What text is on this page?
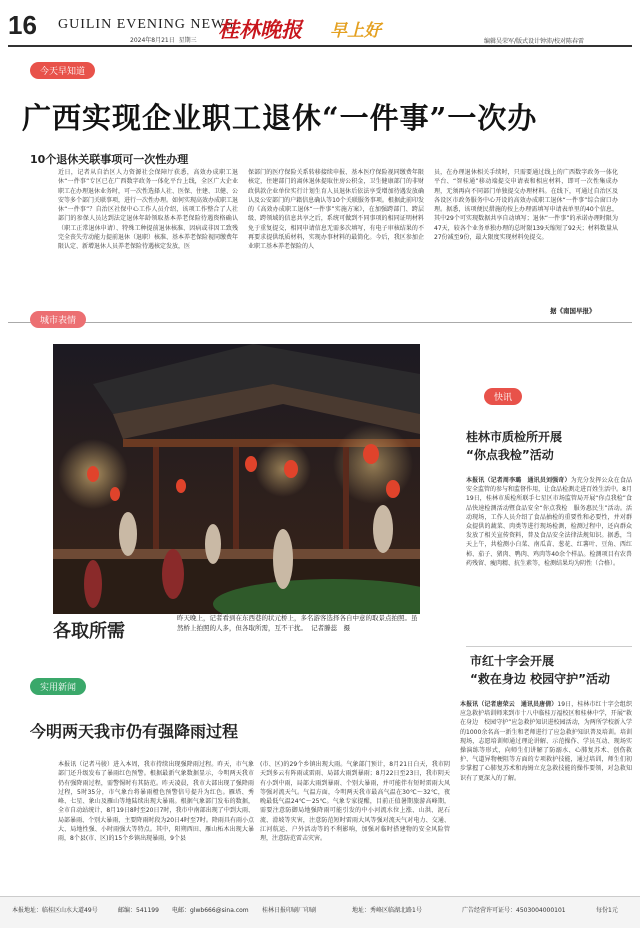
16 GUILIN EVENING NEWS
桂林晚报 早上好
2024年8月21日 星期三	编辑吴荣军/版式设计钟沛/校对陈春雷
今天早知道
广西实现企业职工退休“一件事”一次办
10个退休关联事项可一次性办理
近日，记者从自治区人力资源社会保障厅获悉，高效办成职工退休“一件事”专区已在广西数字政务一体化平台上线，全区广大企业职工在办理退休业务时，可一次性选择人社、医保、住建、卫健、公安等多个部门关联事项，进行一次性办理。如何实现高效办成职工退休“一件事”？自治区社保中心工作人员介绍，该项工作整合了人社部门的参保人员达到法定退休年龄领取基本养老保险待遇资格确认（职工正常退休申请）、特殊工种提前退休核准、因病或非因工致残完全丧失劳动能力提前退休（退职）核准、基本养老保险视同缴费年限认定、新增退休人员养老保险待遇核定发放，医
保部门的医疗保险关系转移接续申报、基本医疗保险视同缴费年限核定，住建部门的离休退休提取住房公积金，卫生健康部门的非财政供款企业单位实行计划生育人员退休后依法享受增加待遇发放确认及公安部门的户籍信息确认等10个关联服务事项。根据此前印发的《高效办成职工退休“一件事”实施方案》，在加强跨部门、跨层级、跨领域的信息共享之后，系统可做到不同事项的相同证明材料免于重复提交，相同申请信息无需多次填写，有电子审核结果的不再要求提供纸质材料，实现办事材料的最简化。今后，我区参加企业职工基本养老保险的人
员，在办理退休相关手续时，只需要通过线上的广西数字政务一体化平台、“智桂通”移动端提交申请表和相应材料，即可一次性集成办理，无须再向不同部门单独提交办理材料。在线下，可通过自治区及各设区市政务服务中心开设的高效办成职工退休“一件事”综合窗口办理。据悉，该项便民措施的按上办理需填写申请表单里的40个信息，其中29个可实现数据共享自动填写；退休“一件事”的承诺办理时限为47天，较各个业务单独办理的总时限139天缩短了92天；材料数量从27份减至9份，最大限度实现材料免提交。
据《南国早报》
城市表情
各取所需
昨天晚上，记者看到在东西巷的状元桥上，多名游客选择各自中意的取景点拍照。虽然桥上拍照的人多，但各取所需，互不干扰。 记者滕蕊　摄
快讯
桂林市质检所开展
“你点我检”活动
本报讯（记者周李璐　通讯员刘强奇）为充分发挥公众在食品安全监管的参与和监督作用，让食品检测走进百姓生活中。8月19日，桂林市质检所联手七星区市场监管局开展“你点我检”食品快速检测活动暨食品安全“你点我检　服务惠民生”活动。活动现场，工作人员介绍了食品抽检的重要性和必要性，并对群众提供的蔬菜、肉类等进行现场检测，检测过程中，还向群众发放了相关宣传资料，普及食品安全法律法规知识。据悉，当天上午，共检测小白菜、南瓜苗、葱花、红薯叶、豆角、西红柿、茄子、猪肉、鸭肉、鸡肉等40余个样品。检测项目有农兽药残留、瘦肉精、抗生素等，检测结果均为阴性（合格）。
市红十字会开展
“救在身边 校园守护”活动
本报讯（记者唐荣云　通讯员唐倩）19日，桂林市红十字会组织应急救护培训师来到市十八中临桂万福校区和桂林中学，开展“救在身边　校园守护”应急救护知识进校园活动，为两所学校新入学的1000余名高一新生和老师进行了应急救护知识普及培训。培训现场，志愿培训师通过理论讲解、示范操作、学员互动、现场实操演练等形式，向师生们讲解了防溺水、心肺复苏术、创伤救护、气道异物梗阻等方面的专项救护技能，通过培训，师生们初步掌握了心肺复苏术和海姆立克急救技能的操作要领，对急救知识有了更深入的了解。
实用新闻
今明两天我市仍有强降雨过程
本报讯（记者马骏）进入本周，我市持续出现强降雨过程。昨天，市气象部门还升级发布了暴雨红色预警。根据最新气象数据显示，今明两天我市仍有强降雨过程，需警惕时有其防范。昨天凌晨，我市大部出现了强降雨过程，5时35分，市气象台将暴雨橙色预警信号提升为红色。雁塔、秀峰、七星、象山及雁山等地陆续出现大暴雨。根据气象部门发布的数据，全市自动站统计，8月19日8时至20日7时，我市中南部出现了中到大雨、局部暴雨、个别大暴雨，主要降雨时段为20日4时至7时。降雨具有雨小点大、局地性强、小时雨强大等特点。其中，阳朔西田、雁山柘木出现大暴雨，8个县(市、区)的15个乡镇出现暴雨，9个县
(市、区)的29个乡镇出现大雨。气象部门预计，8月21日白天，我市阴天到多云有阵雨或雷雨、局部大雨到暴雨；8月22日至23日，我市阴天有小到中雨，局部大雨到暴雨、个别大暴雨，并可能伴有短时雷雨大风等强对流天气。气温方面，今明两天我市最高气温在30℃～32℃，夜晚最低气温24℃～25℃。气象专家提醒，目前正值暑期旅游高峰期，需要注意防御局地强降雨可能引发的中小河流水位上涨、山洪、泥石流、滑坡等灾害，注意防范短时雷雨大风等强对流天气对电力、交通、江河航运、户外活动等的不利影响，加强对临时搭建物的安全风险管理，注意防范雷击灾害。
本报地址：临桂区山水大道49号	邮编：541199 电邮：glwb666@sina.com 桂林日报印刷厂印刷	地址：秀峰区临湖北路1号	广告经营许可证号：4503004000101	每份1元
